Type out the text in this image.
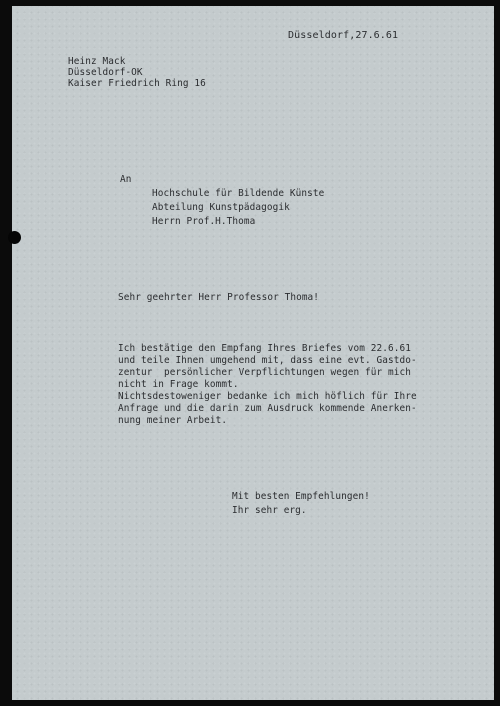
Düsseldorf,27.6.61
Heinz Mack
Düsseldorf-OK
Kaiser Friedrich Ring 16
An
Hochschule für Bildende Künste
Abteilung Kunstpädagogik
Herrn Prof.H.Thoma
Sehr geehrter Herr Professor Thoma!
Ich bestätige den Empfang Ihres Briefes vom 22.6.61
und teile Ihnen umgehend mit, dass eine evt. Gastdo-
zentur  persönlicher Verpflichtungen wegen für mich
nicht in Frage kommt.
Nichtsdestoweniger bedanke ich mich höflich für Ihre
Anfrage und die darin zum Ausdruck kommende Anerken-
nung meiner Arbeit.
Mit besten Empfehlungen!
Ihr sehr erg.
